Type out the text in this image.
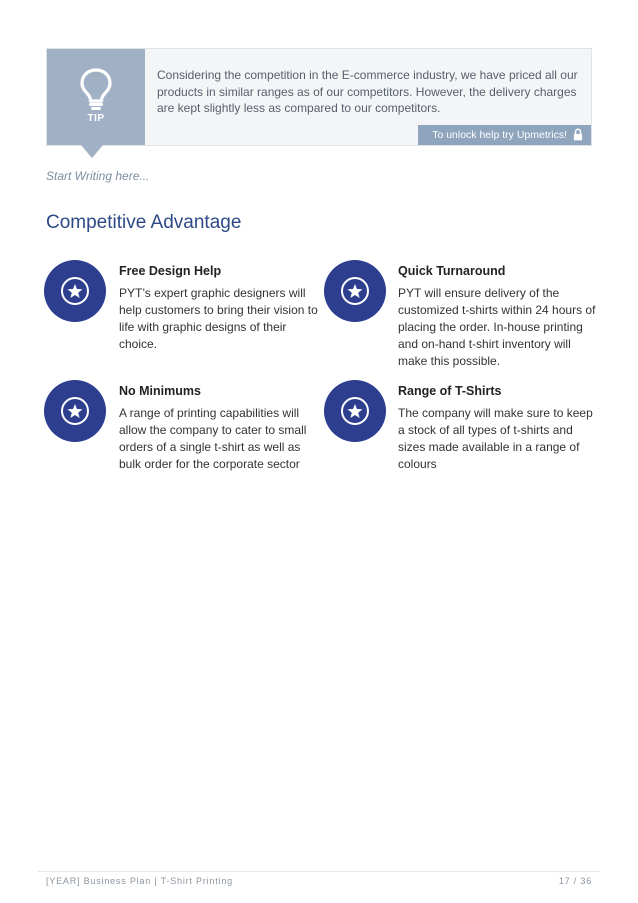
TIP
Considering the competition in the E-commerce industry, we have priced all our products in similar ranges as of our competitors. However, the delivery charges are kept slightly less as compared to our competitors.
To unlock help try Upmetrics!
Start Writing here...
Competitive Advantage

Free Design Help

PYT’s expert graphic designers will help customers to bring their vision to life with graphic designs of their choice.

Quick Turnaround

PYT will ensure delivery of the customized t-shirts within 24 hours of placing the order. In-house printing and on-hand t-shirt inventory will make this possible.

No Minimums

A range of printing capabilities will allow the company to cater to small orders of a single t-shirt as well as bulk order for the corporate sector

Range of T-Shirts

The company will make sure to keep a stock of all types of t-shirts and sizes made available in a range of colours

[YEAR] Business Plan | T-Shirt Printing	17 / 36
